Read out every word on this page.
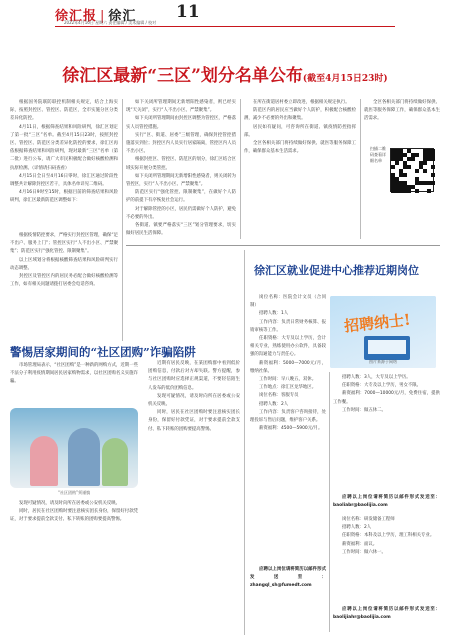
徐汇报 | 徐汇 11
2022年4月16日 星期六 责任编辑 / 美术编辑 / 校对
徐汇区最新“三区”划分名单公布(截至4月15日23时)

根据国务院联防联控机制相关规定，结合上海实际，按照封控区、管控区、防范区，全市实施分区分类差异化防控。

4月11日，根据筛查结果和风险研判，徐汇区划定了第一批“三区”名单。截至4月15日23时，按照封控区、管控区、防范区分类差异化防控的要求，徐汇区再依根据筛查结果和风险研判，现对最新“三区”名单（第二批）进行公布，请广大市民积极配合做好核酸检测和抗原检测。（详情请扫码查看）

4月15日全日至4月16日零时，徐汇区通过阶段性调整共计解除封控区若干，具体名单详见二维码。

4月16日9时至15时，根据目前的筛查结果和风险研判，徐汇区最新防范区调整如下：

根据疫情防控要求，严格实行封控区管理，确保“足不出户、服务上门”；管控区实行“人不出小区、严禁聚集”；防范区实行“强化管控、限制聚集”。

以上区域划分将根据核酸筛查结果和风险研判实行动态调整。

封控区及管控区内的居民务必配合做好核酸检测等工作，如有相关问题请拨打居委会电话咨询。

如下关闭所管理期间无新增阳性感染者，则已经实现“天关闭”，实行“人不出小区、严禁聚集”。

如下关闭所管理期间由封控区调整为管控区，严格落实人员管控措施。

实行“区、街道、居委”三级管理，确保封控管控措施落实到位；封控区内人员实行居家隔离，管控区内人员不出小区。

根据封控区、管控区、防范区的划分，徐汇区结合区域实际开展分类管控。

如下关闭所管理期间无新增阳性感染者，则关闭转为管控区，实行“人不出小区、严禁聚集”。

防范区实行“强化管控、限制聚集”，在做好个人防护的前提下有序恢复社会运行。

对于解除管控的小区，居民仍需做好个人防护，避免不必要的外出。

各街道、镇要严格落实“三区”划分管理要求，切实做好居民生活保障。

在所在街道居村委立即改进，根据相关规定执行。

防范区内的居民应当做好个人防护，积极配合核酸检测，减少不必要的外出和聚集。

居民如有疑问，可咨询所在街道、镇疫情防控指挥部。

全区各相关部门将持续做好保供、就医等服务保障工作，确保群众基本生活需求。

全区各相关部门将持续做好保供、就医等服务保障工作，确保群众基本生活需求。

扫描二维码查看详细名单
警惕居家期间的“社区团购”诈骗陷阱

近期有居民反映，在某团购群中看到低价团购信息，付款后对方却失联。警方提醒，参与社区团购时应选择正规渠道，不要轻信陌生人发布的低价团购信息。

发现可疑情况，请及时向所在居委或公安机关反映。

同时，居民在社区团购时要注意核实团长身份，保留好付款凭证，对于要求提前全款支付、私下转账的团购要提高警惕。

市场管理局表示，“社区团购”是一种新的网购方式，近期一些不法分子利用疫情期间居民居家购物需求，以社区团购名义实施诈骗。

“社区团购”须谨慎

发现可疑情况，请及时向所在居委或公安机关反映。

同时，居民在社区团购时要注意核实团长身份，保留好付款凭证，对于要求提前全款支付、私下转账的团购要提高警惕。

徐汇区就业促进中心推荐近期岗位
招聘纳士!
图片来源于网络

岗位名称：医院会计文员（合同制）

招聘人数：1人

工作内容：负责日常财务核算、报销审核等工作。

任职资格：大专及以上学历，会计相关专业，熟练使用办公软件，具备较强的沟通能力与责任心。

薪资福利：5000—7000元/月，缴纳社保。

工作时间：早八晚五，双休。

工作地点：徐汇区龙华地区。

岗位名称：客服专员

招聘人数：2人

工作内容：负责客户咨询接待，处理投诉与售后问题，维护客户关系。

薪资福利：4500—5900元/月。

应聘以上岗位请将简历以邮件形式发送至：zhangql_sh@fumedt.com

招聘人数：3人，大专及以上学历。

任职资格：大专及以上学历，男女不限。

薪资福利：7000—10000元/月，免费住宿，提供工作餐。

工作时间：做五休二。

应聘以上岗位请将简历以邮件形式发送至：baoliabr@baolijia.com

岗位名称：研发储备工程师

招聘人数：2人

任职资格：本科及以上学历，理工科相关专业。

薪资福利：面议。

工作时间：做六休一。

应聘以上岗位请将简历以邮件形式发送至：baolijiahr@baolijia.com
